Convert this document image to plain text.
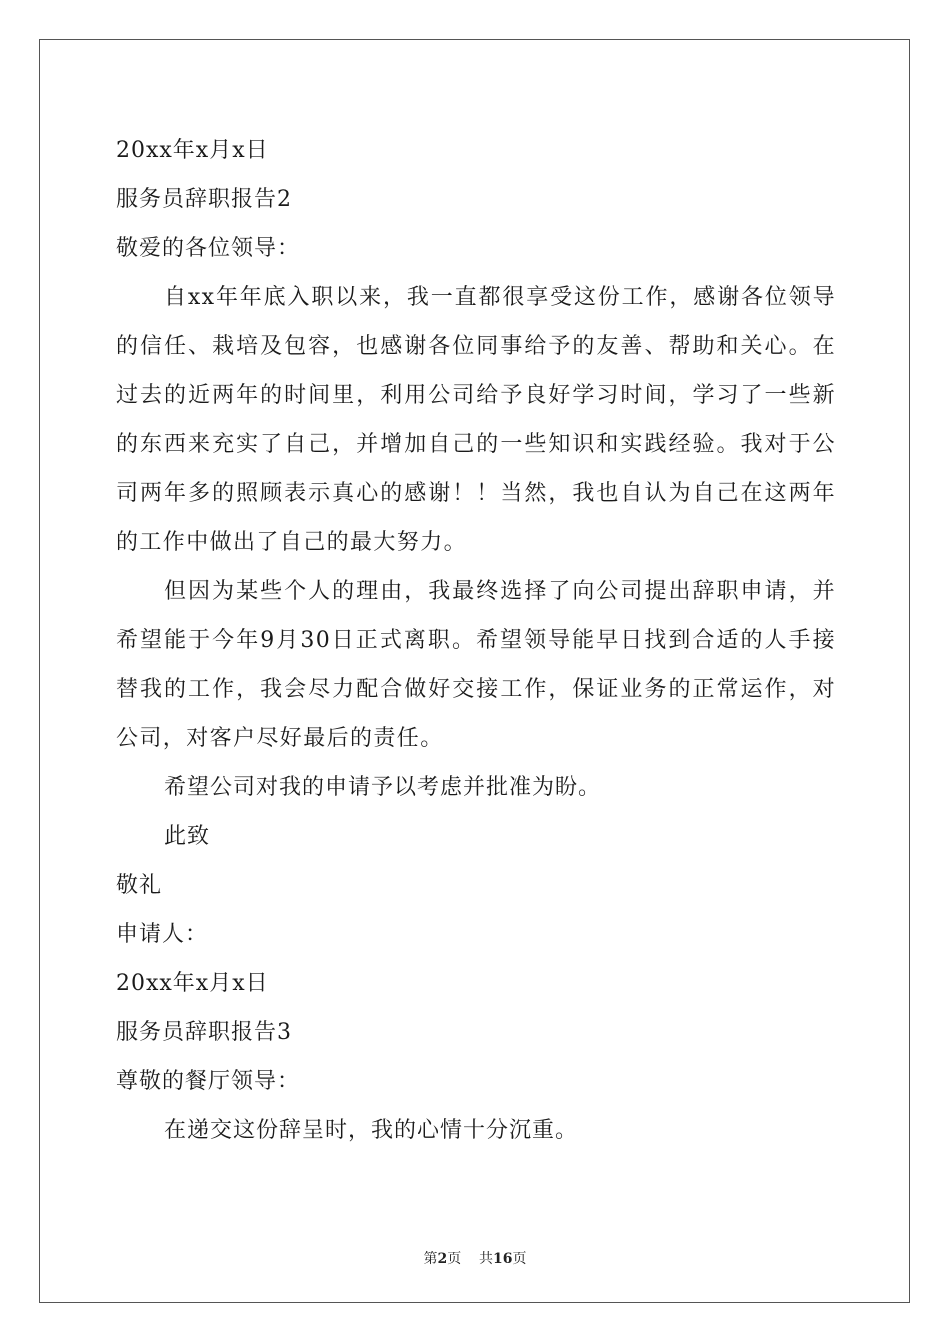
20xx年x月x日
服务员辞职报告2
敬爱的各位领导：

自xx年年底入职以来，我一直都很享受这份工作，感谢各位领导的信任、栽培及包容，也感谢各位同事给予的友善、帮助和关心。在过去的近两年的时间里，利用公司给予良好学习时间，学习了一些新的东西来充实了自己，并增加自己的一些知识和实践经验。我对于公司两年多的照顾表示真心的感谢！！当然，我也自认为自己在这两年的工作中做出了自己的最大努力。

但因为某些个人的理由，我最终选择了向公司提出辞职申请，并希望能于今年9月30日正式离职。希望领导能早日找到合适的人手接替我的工作，我会尽力配合做好交接工作，保证业务的正常运作，对公司，对客户尽好最后的责任。

希望公司对我的申请予以考虑并批准为盼。
此致
敬礼
申请人：
20xx年x月x日
服务员辞职报告3
尊敬的餐厅领导：
在递交这份辞呈时，我的心情十分沉重。
第2页 共16页
